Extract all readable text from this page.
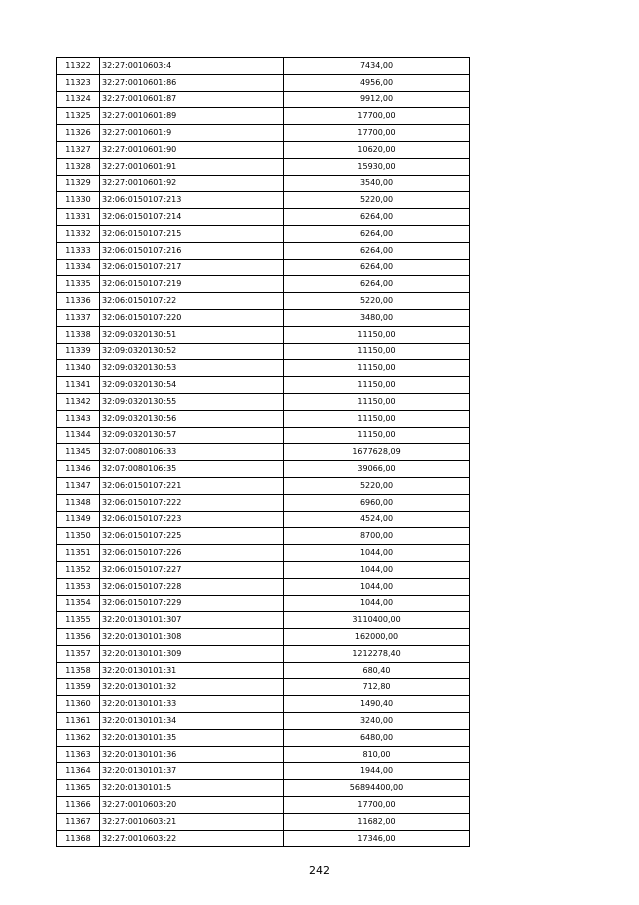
11322	32:27:0010603:4	7434,00
11323	32:27:0010601:86	4956,00
11324	32:27:0010601:87	9912,00
11325	32:27:0010601:89	17700,00
11326	32:27:0010601:9	17700,00
11327	32:27:0010601:90	10620,00
11328	32:27:0010601:91	15930,00
11329	32:27:0010601:92	3540,00
11330	32:06:0150107:213	5220,00
11331	32:06:0150107:214	6264,00
11332	32:06:0150107:215	6264,00
11333	32:06:0150107:216	6264,00
11334	32:06:0150107:217	6264,00
11335	32:06:0150107:219	6264,00
11336	32:06:0150107:22	5220,00
11337	32:06:0150107:220	3480,00
11338	32:09:0320130:51	11150,00
11339	32:09:0320130:52	11150,00
11340	32:09:0320130:53	11150,00
11341	32:09:0320130:54	11150,00
11342	32:09:0320130:55	11150,00
11343	32:09:0320130:56	11150,00
11344	32:09:0320130:57	11150,00
11345	32:07:0080106:33	1677628,09
11346	32:07:0080106:35	39066,00
11347	32:06:0150107:221	5220,00
11348	32:06:0150107:222	6960,00
11349	32:06:0150107:223	4524,00
11350	32:06:0150107:225	8700,00
11351	32:06:0150107:226	1044,00
11352	32:06:0150107:227	1044,00
11353	32:06:0150107:228	1044,00
11354	32:06:0150107:229	1044,00
11355	32:20:0130101:307	3110400,00
11356	32:20:0130101:308	162000,00
11357	32:20:0130101:309	1212278,40
11358	32:20:0130101:31	680,40
11359	32:20:0130101:32	712,80
11360	32:20:0130101:33	1490,40
11361	32:20:0130101:34	3240,00
11362	32:20:0130101:35	6480,00
11363	32:20:0130101:36	810,00
11364	32:20:0130101:37	1944,00
11365	32:20:0130101:5	56894400,00
11366	32:27:0010603:20	17700,00
11367	32:27:0010603:21	11682,00
11368	32:27:0010603:22	17346,00
242
